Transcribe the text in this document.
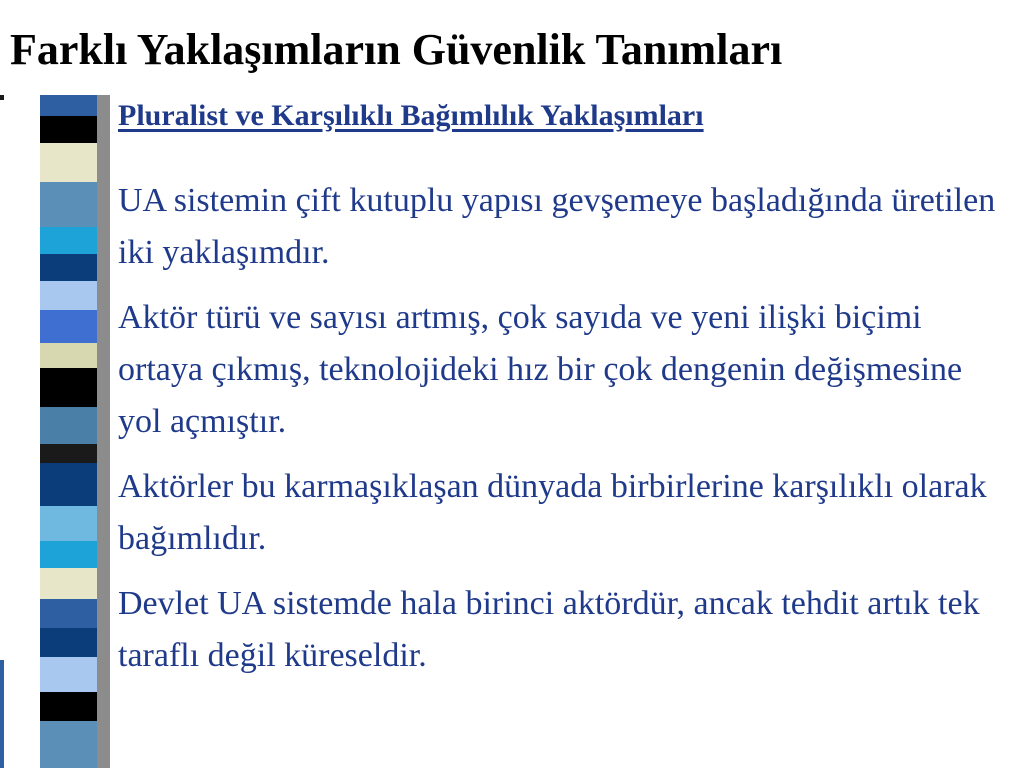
Farklı Yaklaşımların Güvenlik Tanımları
Pluralist ve Karşılıklı Bağımlılık Yaklaşımları
UA sistemin çift kutuplu yapısı gevşemeye başladığında üretilen iki yaklaşımdır.
Aktör türü ve sayısı artmış, çok sayıda ve yeni ilişki biçimi ortaya çıkmış, teknolojideki hız bir çok dengenin değişmesine yol açmıştır.
Aktörler bu karmaşıklaşan dünyada birbirlerine karşılıklı olarak bağımlıdır.
Devlet UA sistemde hala birinci aktördür, ancak tehdit artık tek taraflı değil küreseldir.
